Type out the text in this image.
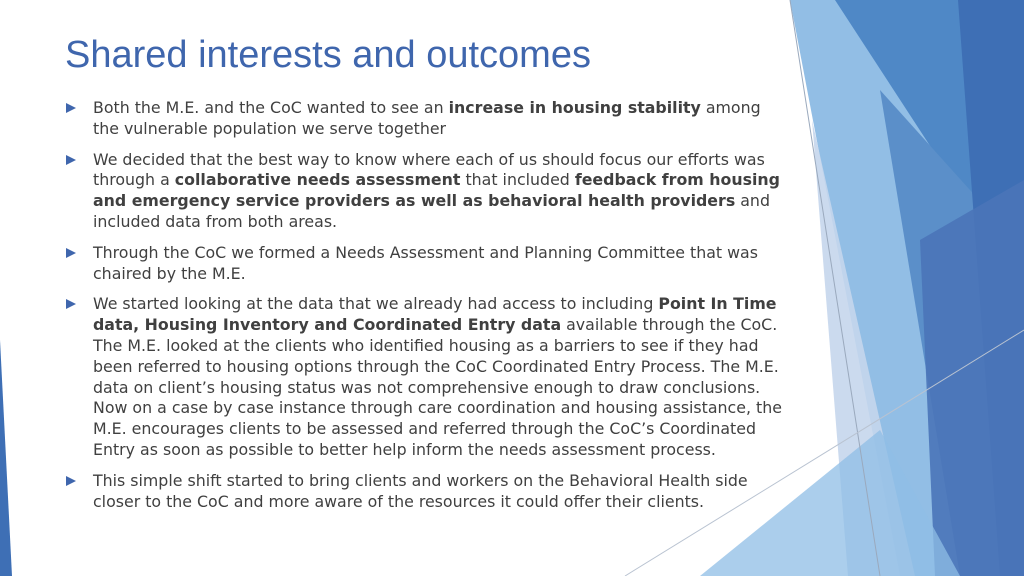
Shared interests and outcomes
Both the M.E. and the CoC wanted to see an increase in housing stability among the vulnerable population we serve together
We decided that the best way to know where each of us should focus our efforts was through a collaborative needs assessment that included feedback from housing and emergency service providers as well as behavioral health providers and included data from both areas.
Through the CoC we formed a Needs Assessment and Planning Committee that was chaired by the M.E.
We started looking at the data that we already had access to including Point In Time data, Housing Inventory and Coordinated Entry data available through the CoC. The M.E. looked at the clients who identified housing as a barriers to see if they had been referred to housing options through the CoC Coordinated Entry Process. The M.E. data on client’s housing status was not comprehensive enough to draw conclusions. Now on a case by case instance through care coordination and housing assistance, the M.E. encourages clients to be assessed and referred through the CoC’s Coordinated Entry as soon as possible to better help inform the needs assessment process.
This simple shift started to bring clients and workers on the Behavioral Health side closer to the CoC and more aware of the resources it could offer their clients.
